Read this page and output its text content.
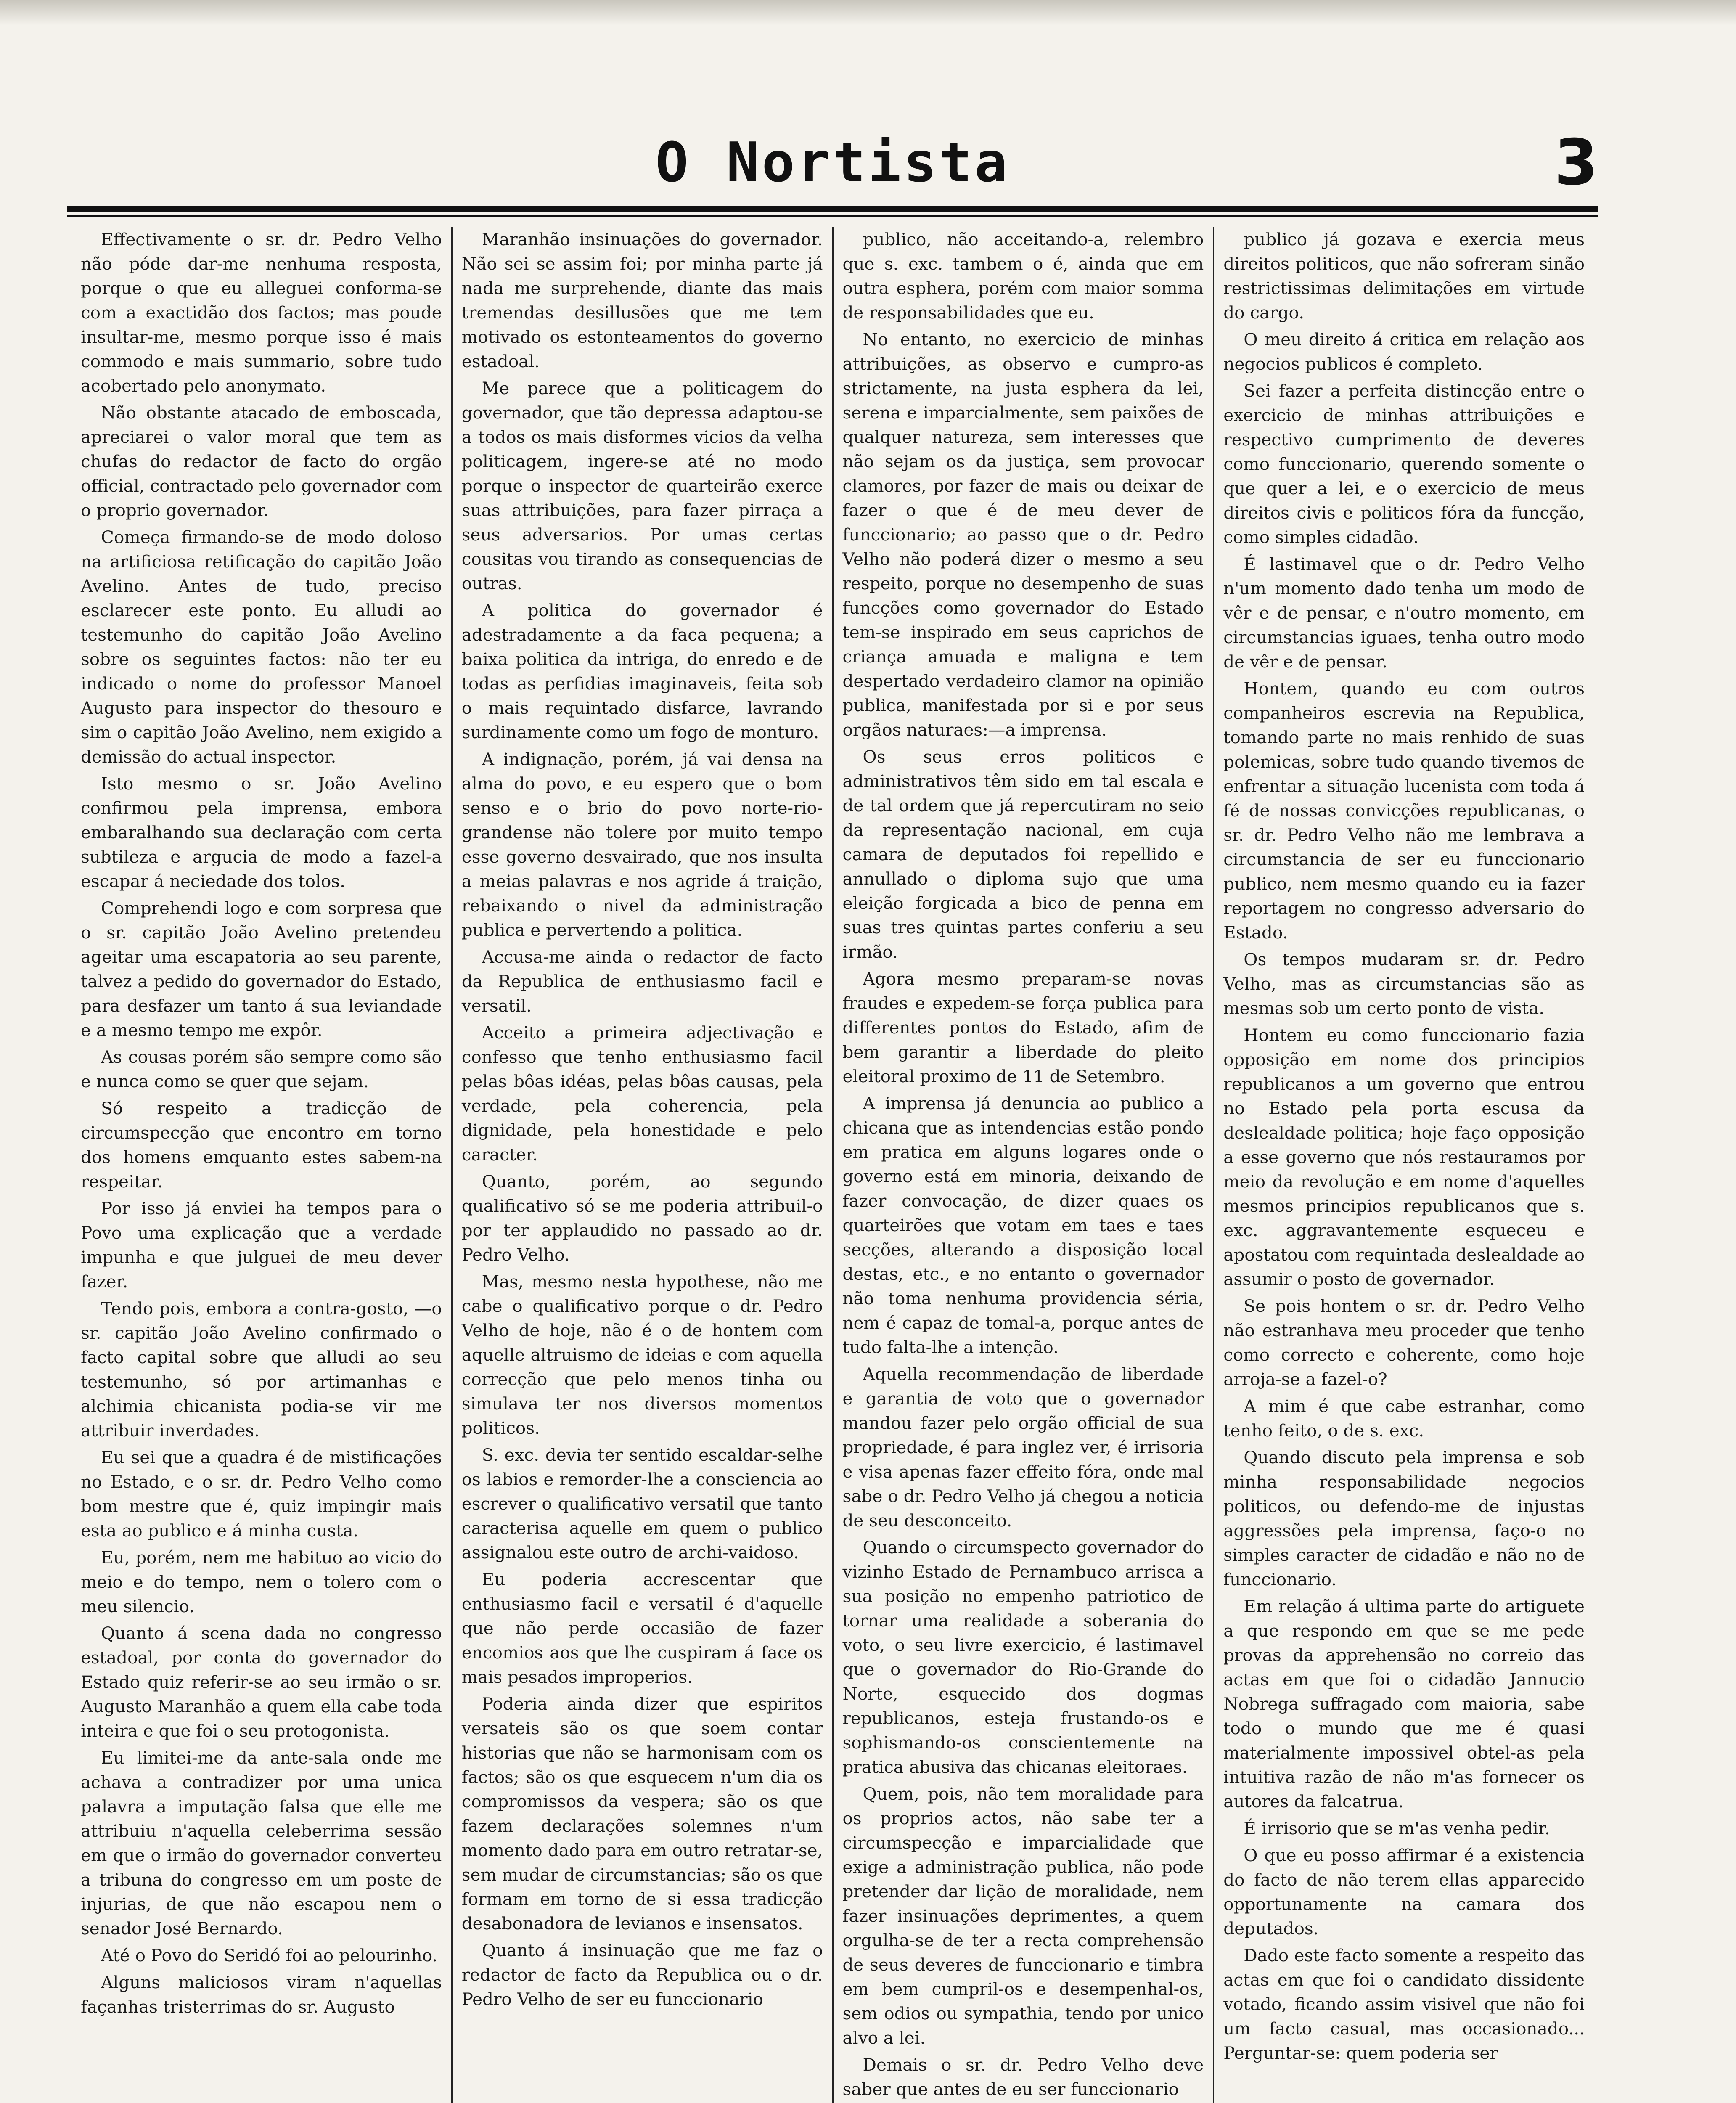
O Nortista	3

Effectivamente o sr. dr. Pedro Velho não póde dar-me nenhuma resposta, porque o que eu alleguei conforma-se com a exactidão dos factos; mas poude insultar-me, mesmo porque isso é mais commodo e mais summario, sobre tudo acobertado pelo anonymato.

Não obstante atacado de emboscada, apreciarei o valor moral que tem as chufas do redactor de facto do orgão official, contractado pelo governador com o proprio governador.

Começa firmando-se de modo doloso na artificiosa retificação do capitão João Avelino. Antes de tudo, preciso esclarecer este ponto. Eu alludi ao testemunho do capitão João Avelino sobre os seguintes factos: não ter eu indicado o nome do professor Manoel Augusto para inspector do thesouro e sim o capitão João Avelino, nem exigido a demissão do actual inspector.

Isto mesmo o sr. João Avelino confirmou pela imprensa, embora embaralhando sua declaração com certa subtileza e argucia de modo a fazel-a escapar á neciedade dos tolos.

Comprehendi logo e com sorpresa que o sr. capitão João Avelino pretendeu ageitar uma escapatoria ao seu parente, talvez a pedido do governador do Estado, para desfazer um tanto á sua leviandade e a mesmo tempo me expôr.

As cousas porém são sempre como são e nunca como se quer que sejam.

Só respeito a tradicção de circumspecção que encontro em torno dos homens emquanto estes sabem-na respeitar.

Por isso já enviei ha tempos para o Povo uma explicação que a verdade impunha e que julguei de meu dever fazer.

Tendo pois, embora a contra-gosto, —o sr. capitão João Avelino confirmado o facto capital sobre que alludi ao seu testemunho, só por artimanhas e alchimia chicanista podia-se vir me attribuir inverdades.

Eu sei que a quadra é de mistificações no Estado, e o sr. dr. Pedro Velho como bom mestre que é, quiz impingir mais esta ao publico e á minha custa.

Eu, porém, nem me habituo ao vicio do meio e do tempo, nem o tolero com o meu silencio.

Quanto á scena dada no congresso estadoal, por conta do governador do Estado quiz referir-se ao seu irmão o sr. Augusto Maranhão a quem ella cabe toda inteira e que foi o seu protogonista.

Eu limitei-me da ante-sala onde me achava a contradizer por uma unica palavra a imputação falsa que elle me attribuiu n'aquella celeberrima sessão em que o irmão do governador converteu a tribuna do congresso em um poste de injurias, de que não escapou nem o senador José Bernardo.

Até o Povo do Seridó foi ao pelourinho.

Alguns maliciosos viram n'aquellas façanhas tristerrimas do sr. Augusto

Maranhão insinuações do governador. Não sei se assim foi; por minha parte já nada me surprehende, diante das mais tremendas desillusões que me tem motivado os estonteamentos do governo estadoal.

Me parece que a politicagem do governador, que tão depressa adaptou-se a todos os mais disformes vicios da velha politicagem, ingere-se até no modo porque o inspector de quarteirão exerce suas attribuições, para fazer pirraça a seus adversarios. Por umas certas cousitas vou tirando as consequencias de outras.

A politica do governador é adestradamente a da faca pequena; a baixa politica da intriga, do enredo e de todas as perfidias imaginaveis, feita sob o mais requintado disfarce, lavrando surdinamente como um fogo de monturo.

A indignação, porém, já vai densa na alma do povo, e eu espero que o bom senso e o brio do povo norte-rio-grandense não tolere por muito tempo esse governo desvairado, que nos insulta a meias palavras e nos agride á traição, rebaixando o nivel da administração publica e pervertendo a politica.

Accusa-me ainda o redactor de facto da Republica de enthusiasmo facil e versatil.

Acceito a primeira adjectivação e confesso que tenho enthusiasmo facil pelas bôas idéas, pelas bôas causas, pela verdade, pela coherencia, pela dignidade, pela honestidade e pelo caracter.

Quanto, porém, ao segundo qualificativo só se me poderia attribuil-o por ter applaudido no passado ao dr. Pedro Velho.

Mas, mesmo nesta hypothese, não me cabe o qualificativo porque o dr. Pedro Velho de hoje, não é o de hontem com aquelle altruismo de ideias e com aquella correcção que pelo menos tinha ou simulava ter nos diversos momentos politicos.

S. exc. devia ter sentido escaldar-selhe os labios e remorder-lhe a consciencia ao escrever o qualificativo versatil que tanto caracterisa aquelle em quem o publico assignalou este outro de archi-vaidoso.

Eu poderia accrescentar que enthusiasmo facil e versatil é d'aquelle que não perde occasião de fazer encomios aos que lhe cuspiram á face os mais pesados improperios.

Poderia ainda dizer que espiritos versateis são os que soem contar historias que não se harmonisam com os factos; são os que esquecem n'um dia os compromissos da vespera; são os que fazem declarações solemnes n'um momento dado para em outro retratar-se, sem mudar de circumstancias; são os que formam em torno de si essa tradicção desabonadora de levianos e insensatos.

Quanto á insinuação que me faz o redactor de facto da Republica ou o dr. Pedro Velho de ser eu funccionario

publico, não acceitando-a, relembro que s. exc. tambem o é, ainda que em outra esphera, porém com maior somma de responsabilidades que eu.

No entanto, no exercicio de minhas attribuições, as observo e cumpro-as strictamente, na justa esphera da lei, serena e imparcialmente, sem paixões de qualquer natureza, sem interesses que não sejam os da justiça, sem provocar clamores, por fazer de mais ou deixar de fazer o que é de meu dever de funccionario; ao passo que o dr. Pedro Velho não poderá dizer o mesmo a seu respeito, porque no desempenho de suas funcções como governador do Estado tem-se inspirado em seus caprichos de criança amuada e maligna e tem despertado verdadeiro clamor na opinião publica, manifestada por si e por seus orgãos naturaes:—a imprensa.

Os seus erros politicos e administrativos têm sido em tal escala e de tal ordem que já repercutiram no seio da representação nacional, em cuja camara de deputados foi repellido e annullado o diploma sujo que uma eleição forgicada a bico de penna em suas tres quintas partes conferiu a seu irmão.

Agora mesmo preparam-se novas fraudes e expedem-se força publica para differentes pontos do Estado, afim de bem garantir a liberdade do pleito eleitoral proximo de 11 de Setembro.

A imprensa já denuncia ao publico a chicana que as intendencias estão pondo em pratica em alguns logares onde o governo está em minoria, deixando de fazer convocação, de dizer quaes os quarteirões que votam em taes e taes secções, alterando a disposição local destas, etc., e no entanto o governador não toma nenhuma providencia séria, nem é capaz de tomal-a, porque antes de tudo falta-lhe a intenção.

Aquella recommendação de liberdade e garantia de voto que o governador mandou fazer pelo orgão official de sua propriedade, é para inglez ver, é irrisoria e visa apenas fazer effeito fóra, onde mal sabe o dr. Pedro Velho já chegou a noticia de seu desconceito.

Quando o circumspecto governador do vizinho Estado de Pernambuco arrisca a sua posição no empenho patriotico de tornar uma realidade a soberania do voto, o seu livre exercicio, é lastimavel que o governador do Rio-Grande do Norte, esquecido dos dogmas republicanos, esteja frustando-os e sophismando-os conscientemente na pratica abusiva das chicanas eleitoraes.

Quem, pois, não tem moralidade para os proprios actos, não sabe ter a circumspecção e imparcialidade que exige a administração publica, não pode pretender dar lição de moralidade, nem fazer insinuações deprimentes, a quem orgulha-se de ter a recta comprehensão de seus deveres de funccionario e timbra em bem cumpril-os e desempenhal-os, sem odios ou sympathia, tendo por unico alvo a lei.

Demais o sr. dr. Pedro Velho deve saber que antes de eu ser funccionario

publico já gozava e exercia meus direitos politicos, que não sofreram sinão restrictissimas delimitações em virtude do cargo.

O meu direito á critica em relação aos negocios publicos é completo.

Sei fazer a perfeita distincção entre o exercicio de minhas attribuições e respectivo cumprimento de deveres como funccionario, querendo somente o que quer a lei, e o exercicio de meus direitos civis e politicos fóra da funcção, como simples cidadão.

É lastimavel que o dr. Pedro Velho n'um momento dado tenha um modo de vêr e de pensar, e n'outro momento, em circumstancias iguaes, tenha outro modo de vêr e de pensar.

Hontem, quando eu com outros companheiros escrevia na Republica, tomando parte no mais renhido de suas polemicas, sobre tudo quando tivemos de enfrentar a situação lucenista com toda á fé de nossas convicções republicanas, o sr. dr. Pedro Velho não me lembrava a circumstancia de ser eu funccionario publico, nem mesmo quando eu ia fazer reportagem no congresso adversario do Estado.

Os tempos mudaram sr. dr. Pedro Velho, mas as circumstancias são as mesmas sob um certo ponto de vista.

Hontem eu como funccionario fazia opposição em nome dos principios republicanos a um governo que entrou no Estado pela porta escusa da deslealdade politica; hoje faço opposição a esse governo que nós restauramos por meio da revolução e em nome d'aquelles mesmos principios republicanos que s. exc. aggravantemente esqueceu e apostatou com requintada deslealdade ao assumir o posto de governador.

Se pois hontem o sr. dr. Pedro Velho não estranhava meu proceder que tenho como correcto e coherente, como hoje arroja-se a fazel-o?

A mim é que cabe estranhar, como tenho feito, o de s. exc.

Quando discuto pela imprensa e sob minha responsabilidade negocios politicos, ou defendo-me de injustas aggressões pela imprensa, faço-o no simples caracter de cidadão e não no de funccionario.

Em relação á ultima parte do artiguete a que respondo em que se me pede provas da apprehensão no correio das actas em que foi o cidadão Jannucio Nobrega suffragado com maioria, sabe todo o mundo que me é quasi materialmente impossivel obtel-as pela intuitiva razão de não m'as fornecer os autores da falcatrua.

É irrisorio que se m'as venha pedir.

O que eu posso affirmar é a existencia do facto de não terem ellas apparecido opportunamente na camara dos deputados.

Dado este facto somente a respeito das actas em que foi o candidato dissidente votado, ficando assim visivel que não foi um facto casual, mas occasionado... Perguntar-se: quem poderia ser
